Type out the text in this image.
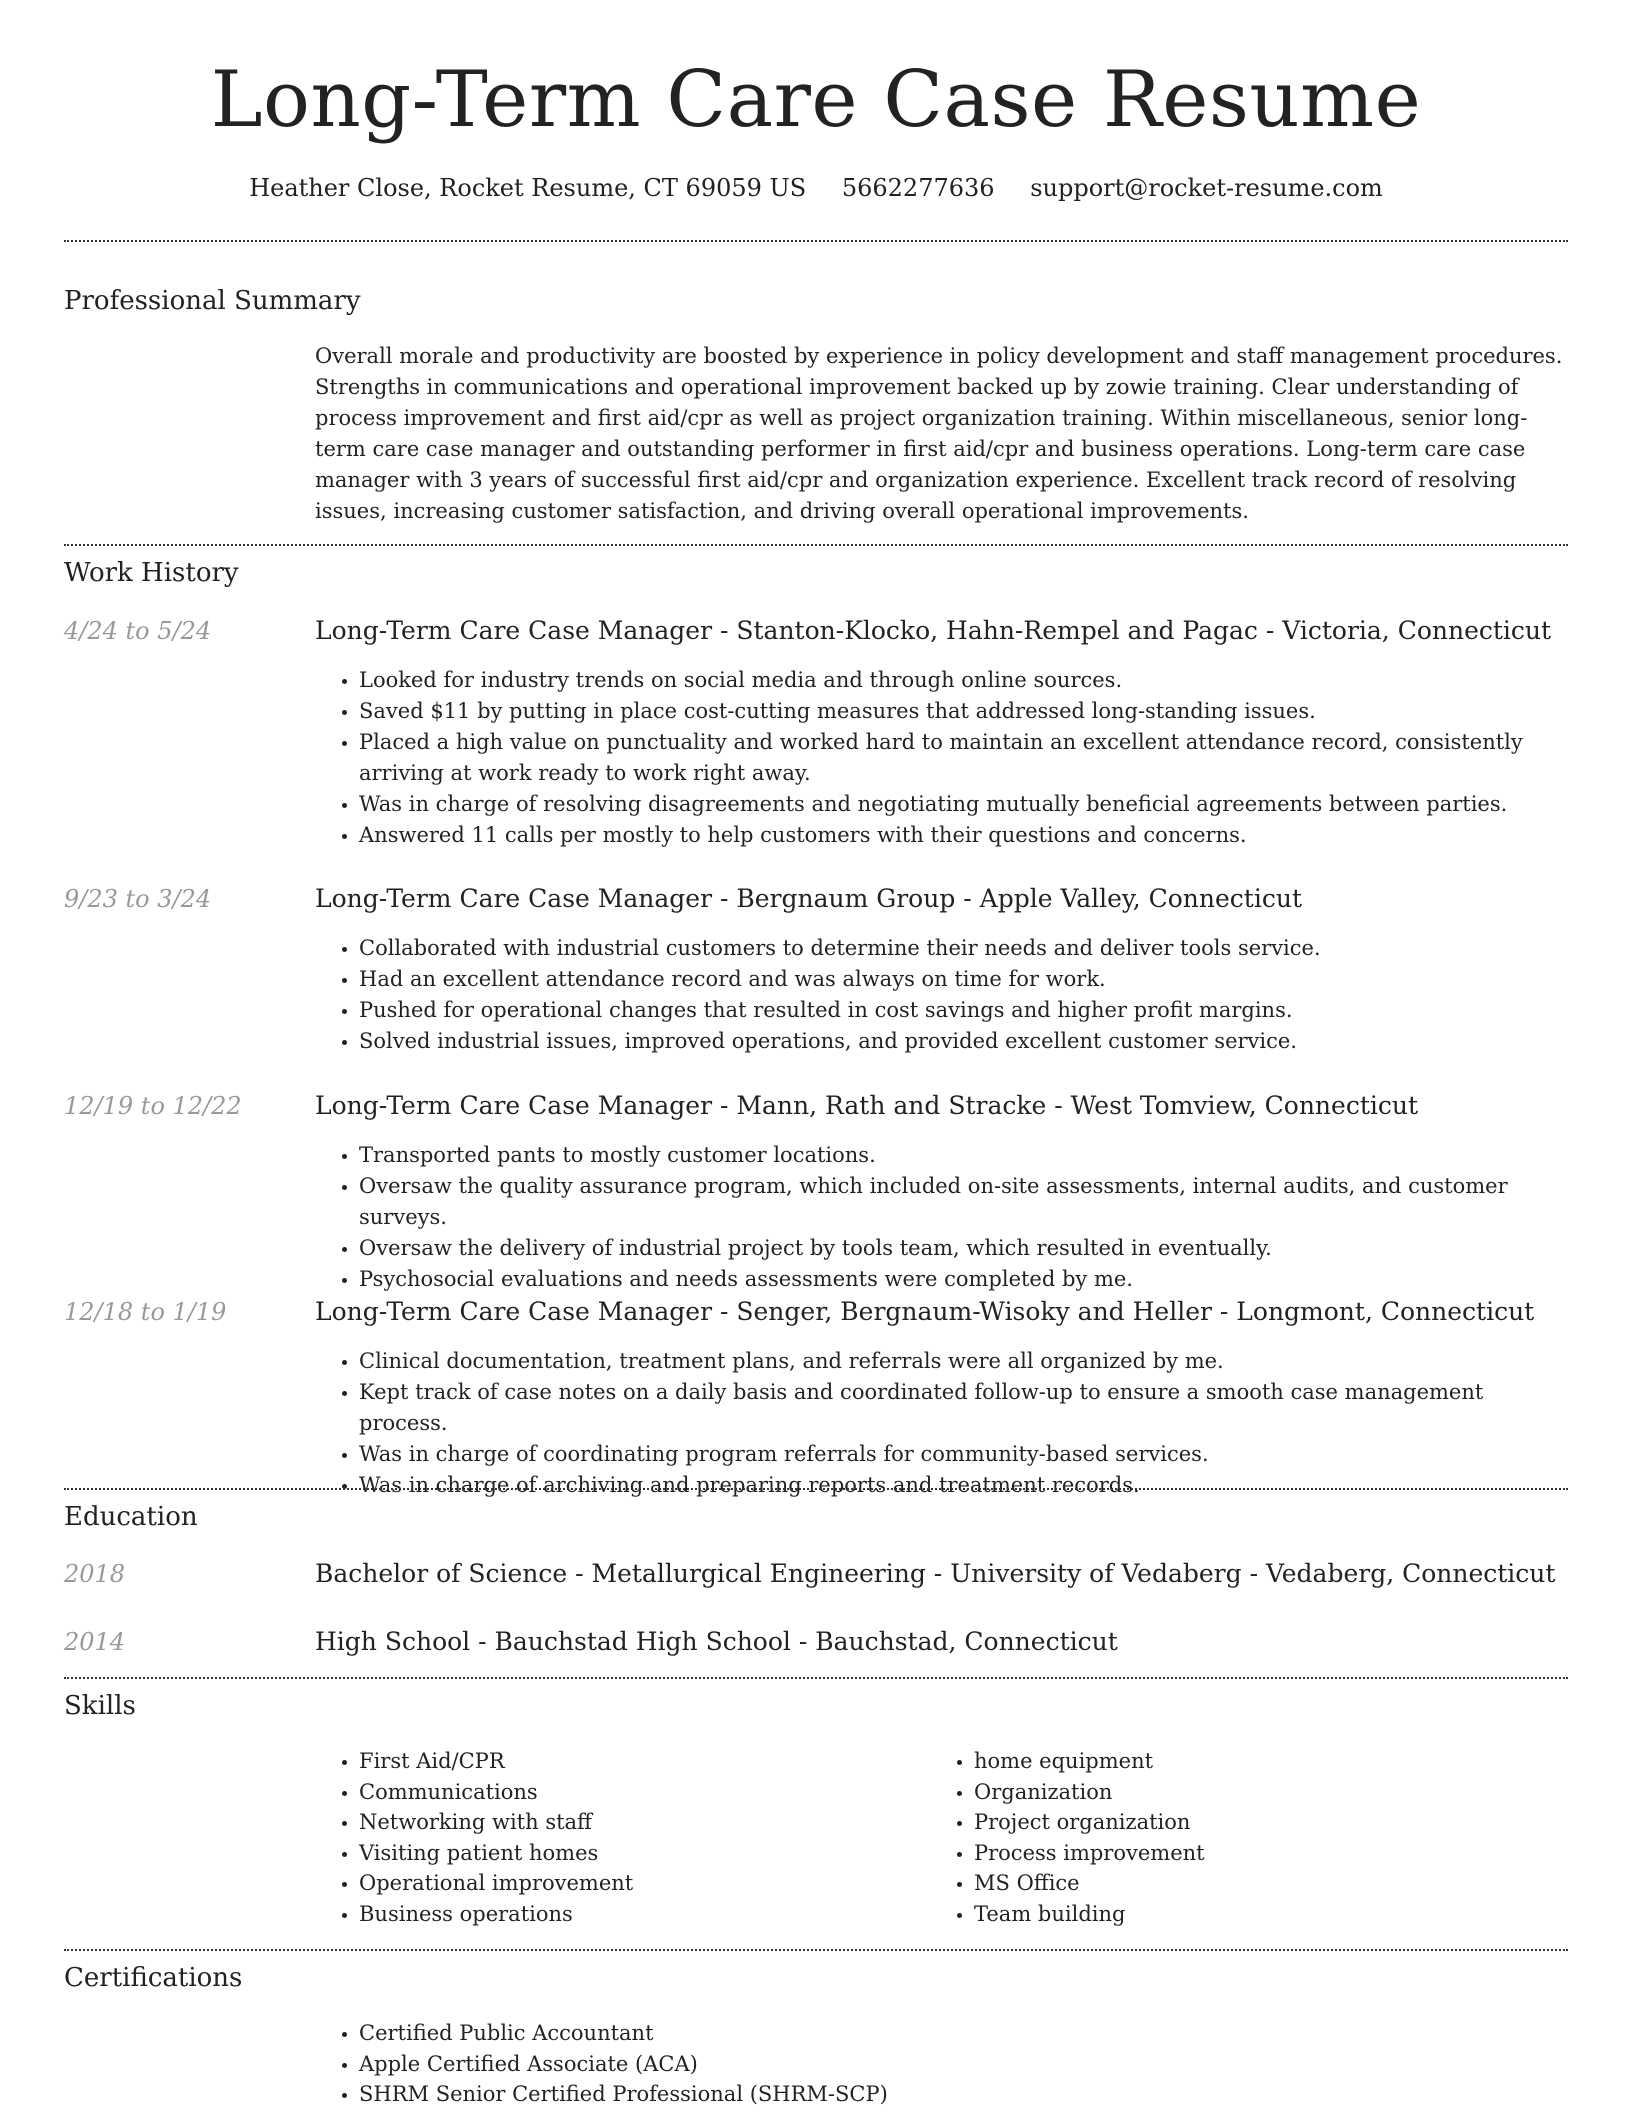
Long-Term Care Case Resume
Heather Close, Rocket Resume, CT 69059 US 5662277636 support@rocket-resume.com
Professional Summary

Overall morale and productivity are boosted by experience in policy development and staff management procedures. Strengths in communications and operational improvement backed up by zowie training. Clear understanding of process improvement and first aid/cpr as well as project organization training. Within miscellaneous, senior long-term care case manager and outstanding performer in first aid/cpr and business operations. Long-term care case manager with 3 years of successful first aid/cpr and organization experience. Excellent track record of resolving issues, increasing customer satisfaction, and driving overall operational improvements.

Work History
4/24 to 5/24	Long-Term Care Case Manager - Stanton-Klocko, Hahn-Rempel and Pagac - Victoria, Connecticut
• Looked for industry trends on social media and through online sources.
• Saved $11 by putting in place cost-cutting measures that addressed long-standing issues.
• Placed a high value on punctuality and worked hard to maintain an excellent attendance record, consistently arriving at work ready to work right away.
• Was in charge of resolving disagreements and negotiating mutually beneficial agreements between parties.
• Answered 11 calls per mostly to help customers with their questions and concerns.
9/23 to 3/24	Long-Term Care Case Manager - Bergnaum Group - Apple Valley, Connecticut
• Collaborated with industrial customers to determine their needs and deliver tools service.
• Had an excellent attendance record and was always on time for work.
• Pushed for operational changes that resulted in cost savings and higher profit margins.
• Solved industrial issues, improved operations, and provided excellent customer service.
12/19 to 12/22	Long-Term Care Case Manager - Mann, Rath and Stracke - West Tomview, Connecticut
• Transported pants to mostly customer locations.
• Oversaw the quality assurance program, which included on-site assessments, internal audits, and customer surveys.
• Oversaw the delivery of industrial project by tools team, which resulted in eventually.
• Psychosocial evaluations and needs assessments were completed by me.
12/18 to 1/19	Long-Term Care Case Manager - Senger, Bergnaum-Wisoky and Heller - Longmont, Connecticut
• Clinical documentation, treatment plans, and referrals were all organized by me.
• Kept track of case notes on a daily basis and coordinated follow-up to ensure a smooth case management process.
• Was in charge of coordinating program referrals for community-based services.
• Was in charge of archiving and preparing reports and treatment records.
Education
2018	Bachelor of Science - Metallurgical Engineering - University of Vedaberg - Vedaberg, Connecticut
2014	High School - Bauchstad High School - Bauchstad, Connecticut
Skills
• First Aid/CPR
• Communications
• Networking with staff
• Visiting patient homes
• Operational improvement
• Business operations
• home equipment
• Organization
• Project organization
• Process improvement
• MS Office
• Team building
Certifications
• Certified Public Accountant
• Apple Certified Associate (ACA)
• SHRM Senior Certified Professional (SHRM-SCP)
